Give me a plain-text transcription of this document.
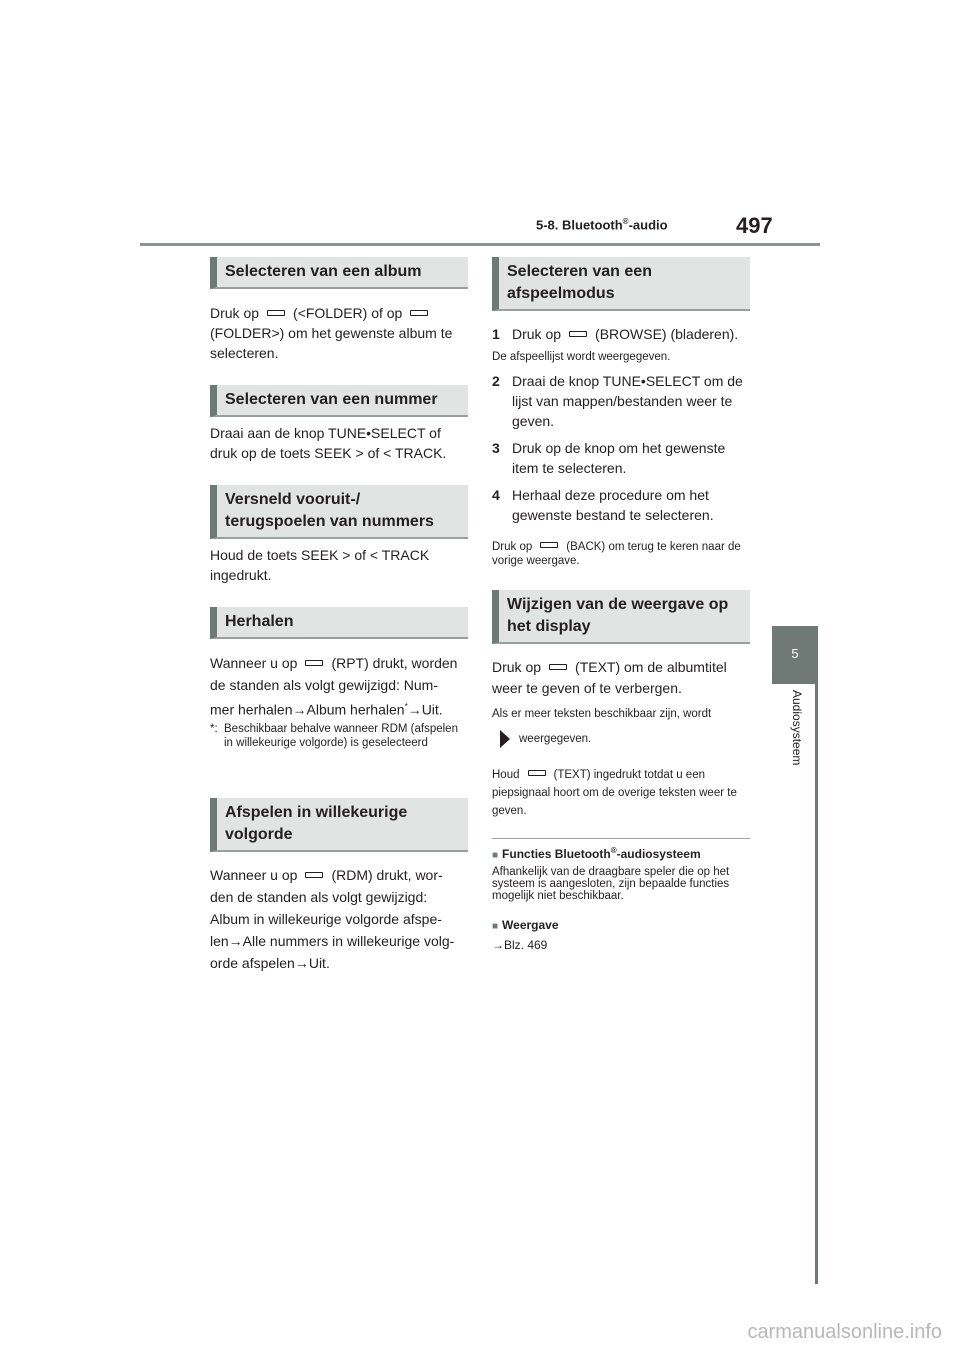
5-8. Bluetooth®-audio	497
5
Audiosysteem
Selecteren van een album
Druk op (<FOLDER) of op(FOLDER>) om het gewenste album te selecteren.
Selecteren van een nummer
Draai aan de knop TUNE•SELECT of druk op de toets SEEK > of < TRACK.
Versneld vooruit-/
terugspoelen van nummers
Houd de toets SEEK > of < TRACK ingedrukt.
Herhalen
Wanneer u op (RPT) drukt, worden de standen als volgt gewijzigd: Num-
mer herhalen→Album herhalen*→Uit.
*: Beschikbaar behalve wanneer RDM (afspelen in willekeurige volgorde) is geselecteerd
Afspelen in willekeurige
volgorde
Wanneer u op (RDM) drukt, wor- den de standen als volgt gewijzigd: Album in willekeurige volgorde afspe-len→Alle nummers in willekeurige volg-orde afspelen→Uit.
Selecteren van een
afspeelmodus
1 Druk op (BROWSE) (bladeren).
De afspeellijst wordt weergegeven.
2 Draai de knop TUNE•SELECT om de lijst van mappen/bestanden weer te geven.
3 Druk op de knop om het gewenste item te selecteren.
4 Herhaal deze procedure om het gewenste bestand te selecteren.
Druk op	(BACK) om terug te keren naar de vorige weergave.
Wijzigen van de weergave op
het display
Druk op (TEXT) om de albumtitel weer te geven of te verbergen.
Als er meer teksten beschikbaar zijn, wordt
weergegeven.
Houd	(TEXT) ingedrukt totdat u een piepsignaal hoort om de overige teksten weer te geven.
■ Functies Bluetooth®-audiosysteem
Afhankelijk van de draagbare speler die op het systeem is aangesloten, zijn bepaalde functies mogelijk niet beschikbaar.
■ Weergave
→Blz. 469
carmanualsonline.info
